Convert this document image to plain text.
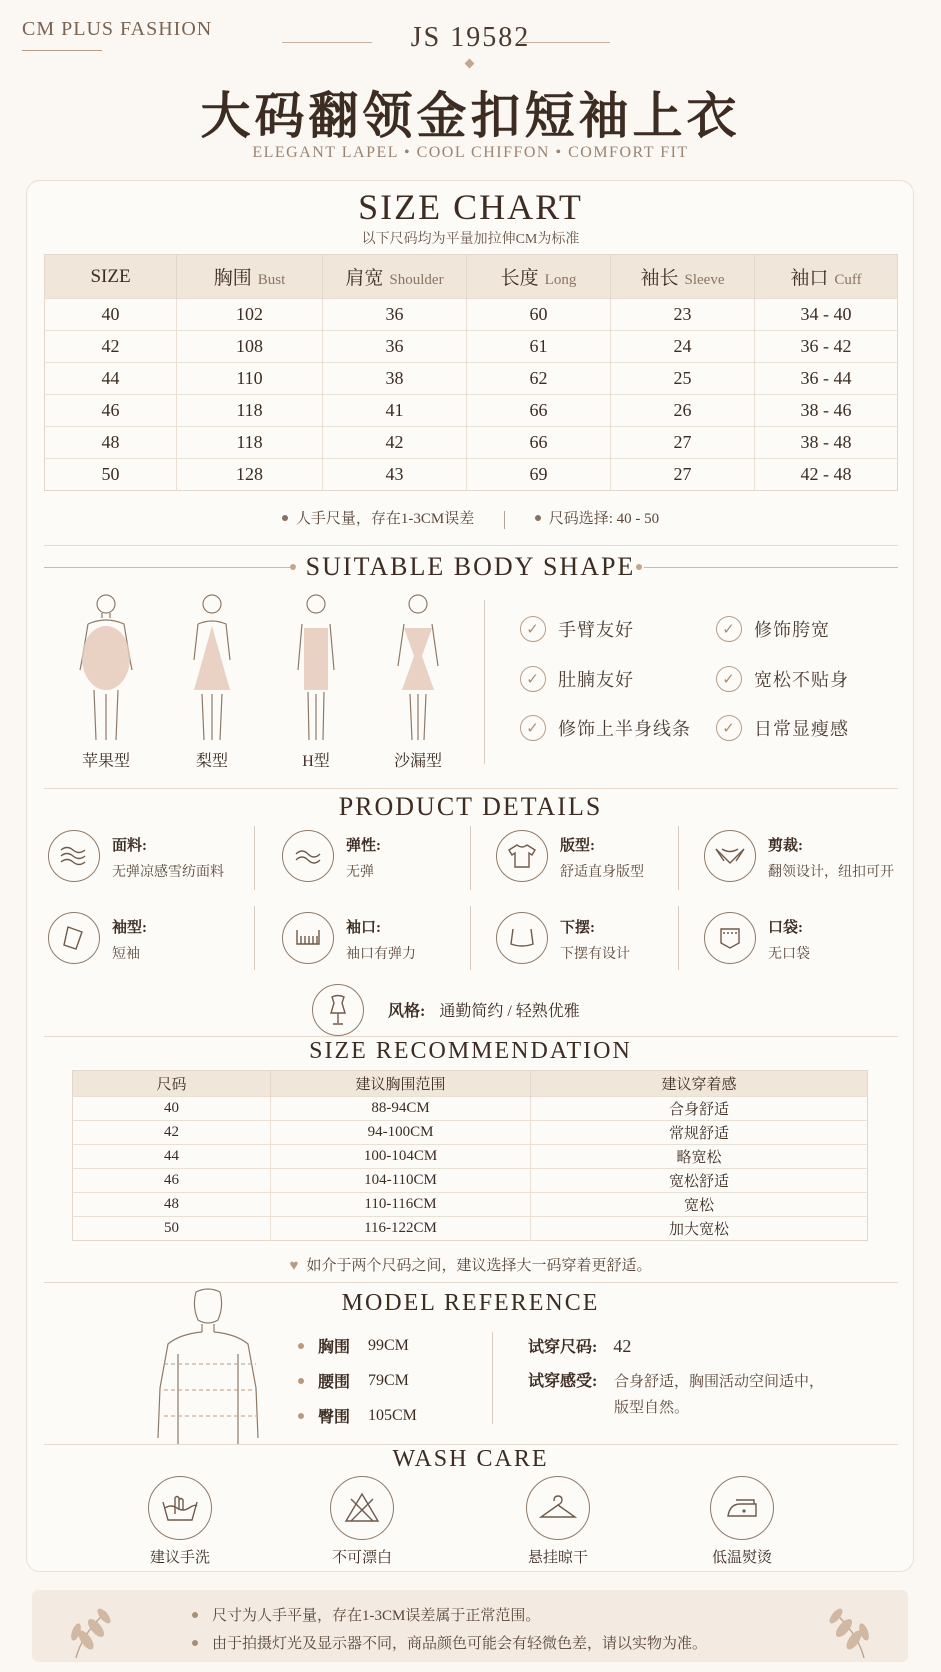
CM PLUS FASHION	JS 19582
大码翻领金扣短袖上衣
ELEGANT LAPEL • COOL CHIFFON • COMFORT FIT
SIZE CHART
以下尺码均为平量加拉伸CM为标准
SIZE	胸围 Bust	肩宽 Shoulder	长度 Long	袖长 Sleeve	袖口 Cuff
40	102	36	60	23	34 - 40
42	108	36	61	24	36 - 42
44	110	38	62	25	36 - 44
46	118	41	66	26	38 - 46
48	118	42	66	27	38 - 48
50	128	43	69	27	42 - 48
人手尺量，存在1-3CM误差	尺码选择: 40 - 50
SUITABLE BODY SHAPE
苹果型	梨型	H型	沙漏型
✓	手臂友好	✓	修饰胯宽
✓	肚腩友好	✓	宽松不贴身
✓	修饰上半身线条	✓	日常显瘦感
PRODUCT DETAILS
面料:
无弹凉感雪纺面料
弹性:
无弹
版型:
舒适直身版型
剪裁:
翻领设计，纽扣可开
袖型:
短袖
袖口:
袖口有弹力
下摆:
下摆有设计
口袋:
无口袋
风格: 通勤简约 / 轻熟优雅
SIZE RECOMMENDATION
尺码	建议胸围范围	建议穿着感
40	88-94CM	合身舒适
42	94-100CM	常规舒适
44	100-104CM	略宽松
46	104-110CM	宽松舒适
48	110-116CM	宽松
50	116-122CM	加大宽松
♥ 如介于两个尺码之间，建议选择大一码穿着更舒适。
MODEL REFERENCE
胸围	99CM
腰围	79CM
臀围	105CM
试穿尺码: 42
试穿感受: 合身舒适，胸围活动空间适中，
版型自然。
WASH CARE
建议手洗	不可漂白	悬挂晾干	低温熨烫
尺寸为人手平量，存在1-3CM误差属于正常范围。
由于拍摄灯光及显示器不同，商品颜色可能会有轻微色差，请以实物为准。
